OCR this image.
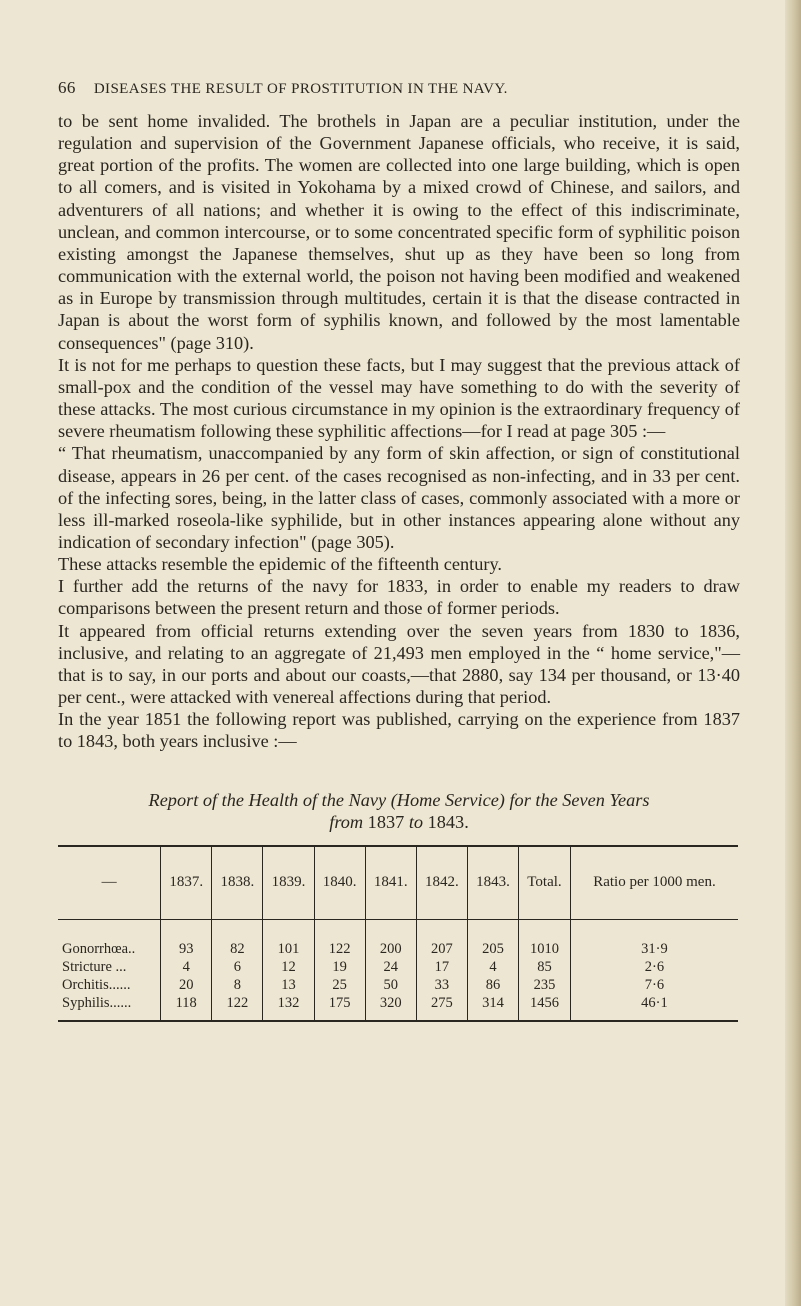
66 DISEASES THE RESULT OF PROSTITUTION IN THE NAVY.

to be sent home invalided. The brothels in Japan are a peculiar institution, under the regulation and supervision of the Government Japanese officials, who receive, it is said, great portion of the profits. The women are collected into one large building, which is open to all comers, and is visited in Yokohama by a mixed crowd of Chinese, and sailors, and adventurers of all nations; and whether it is owing to the effect of this indiscriminate, unclean, and common intercourse, or to some concentrated specific form of syphilitic poison existing amongst the Japanese themselves, shut up as they have been so long from communication with the external world, the poison not having been modified and weakened as in Europe by transmission through multitudes, certain it is that the disease contracted in Japan is about the worst form of syphilis known, and followed by the most lamentable consequences" (page 310).

It is not for me perhaps to question these facts, but I may suggest that the previous attack of small-pox and the condition of the vessel may have something to do with the severity of these attacks. The most curious circumstance in my opinion is the extraordinary frequency of severe rheumatism following these syphilitic affections—for I read at page 305 :—

“ That rheumatism, unaccompanied by any form of skin affection, or sign of constitutional disease, appears in 26 per cent. of the cases recognised as non-infecting, and in 33 per cent. of the infecting sores, being, in the latter class of cases, commonly associated with a more or less ill-marked roseola-like syphilide, but in other instances appearing alone without any indication of secondary infection" (page 305).

These attacks resemble the epidemic of the fifteenth century.

I further add the returns of the navy for 1833, in order to enable my readers to draw comparisons between the present return and those of former periods.

It appeared from official returns extending over the seven years from 1830 to 1836, inclusive, and relating to an aggregate of 21,493 men employed in the “ home service,"—that is to say, in our ports and about our coasts,—that 2880, say 134 per thousand, or 13·40 per cent., were attacked with venereal affections during that period.

In the year 1851 the following report was published, carrying on the experience from 1837 to 1843, both years inclusive :—

Report of the Health of the Navy (Home Service) for the Seven Years
from 1837 to 1843.
—	1837.	1838.	1839.	1840.	1841.	1842.	1843.	Total.	Ratio per 1000 men.
Gonorrhœa..	93	82	101	122	200	207	205	1010	31·9
Stricture ...	4	6	12	19	24	17	4	85	2·6
Orchitis......	20	8	13	25	50	33	86	235	7·6
Syphilis......	118	122	132	175	320	275	314	1456	46·1
